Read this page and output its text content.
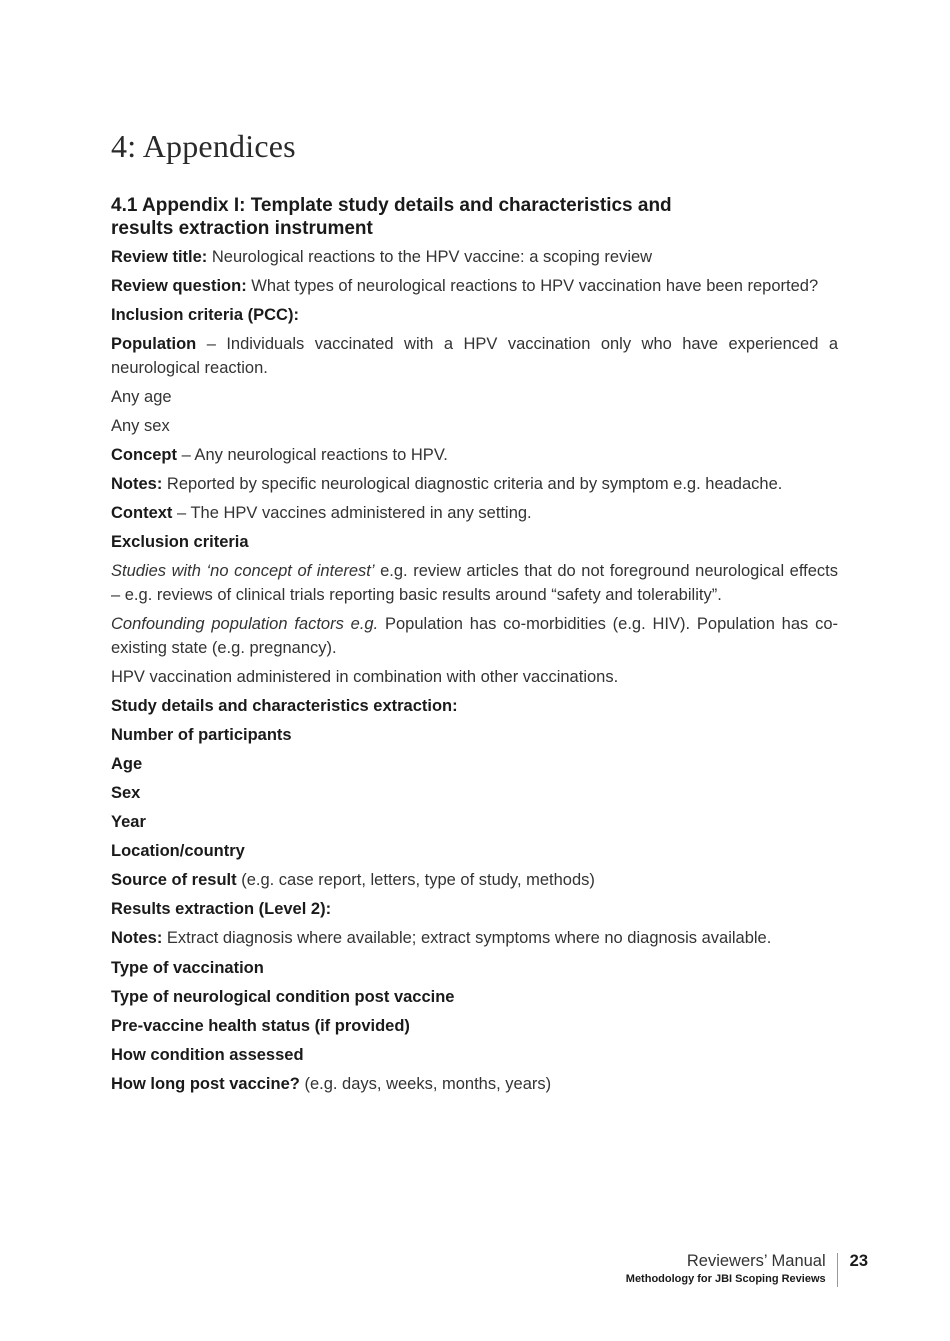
4: Appendices
4.1 Appendix I: Template study details and characteristics and
results extraction instrument

Review title: Neurological reactions to the HPV vaccine: a scoping review

Review question: What types of neurological reactions to HPV vaccination have been reported?

Inclusion criteria (PCC):

Population – Individuals vaccinated with a HPV vaccination only who have experienced a neurological reaction.

Any age

Any sex

Concept – Any neurological reactions to HPV.

Notes: Reported by specific neurological diagnostic criteria and by symptom e.g. headache.

Context – The HPV vaccines administered in any setting.

Exclusion criteria

Studies with ‘no concept of interest’ e.g. review articles that do not foreground neurological effects – e.g. reviews of clinical trials reporting basic results around “safety and tolerability”.

Confounding population factors e.g. Population has co-morbidities (e.g. HIV). Population has co-existing state (e.g. pregnancy).

HPV vaccination administered in combination with other vaccinations.

Study details and characteristics extraction:

Number of participants

Age

Sex

Year

Location/country

Source of result (e.g. case report, letters, type of study, methods)

Results extraction (Level 2):

Notes: Extract diagnosis where available; extract symptoms where no diagnosis available.

Type of vaccination

Type of neurological condition post vaccine

Pre-vaccine health status (if provided)

How condition assessed

How long post vaccine? (e.g. days, weeks, months, years)

Reviewers’ Manual
Methodology for JBI Scoping Reviews
23
